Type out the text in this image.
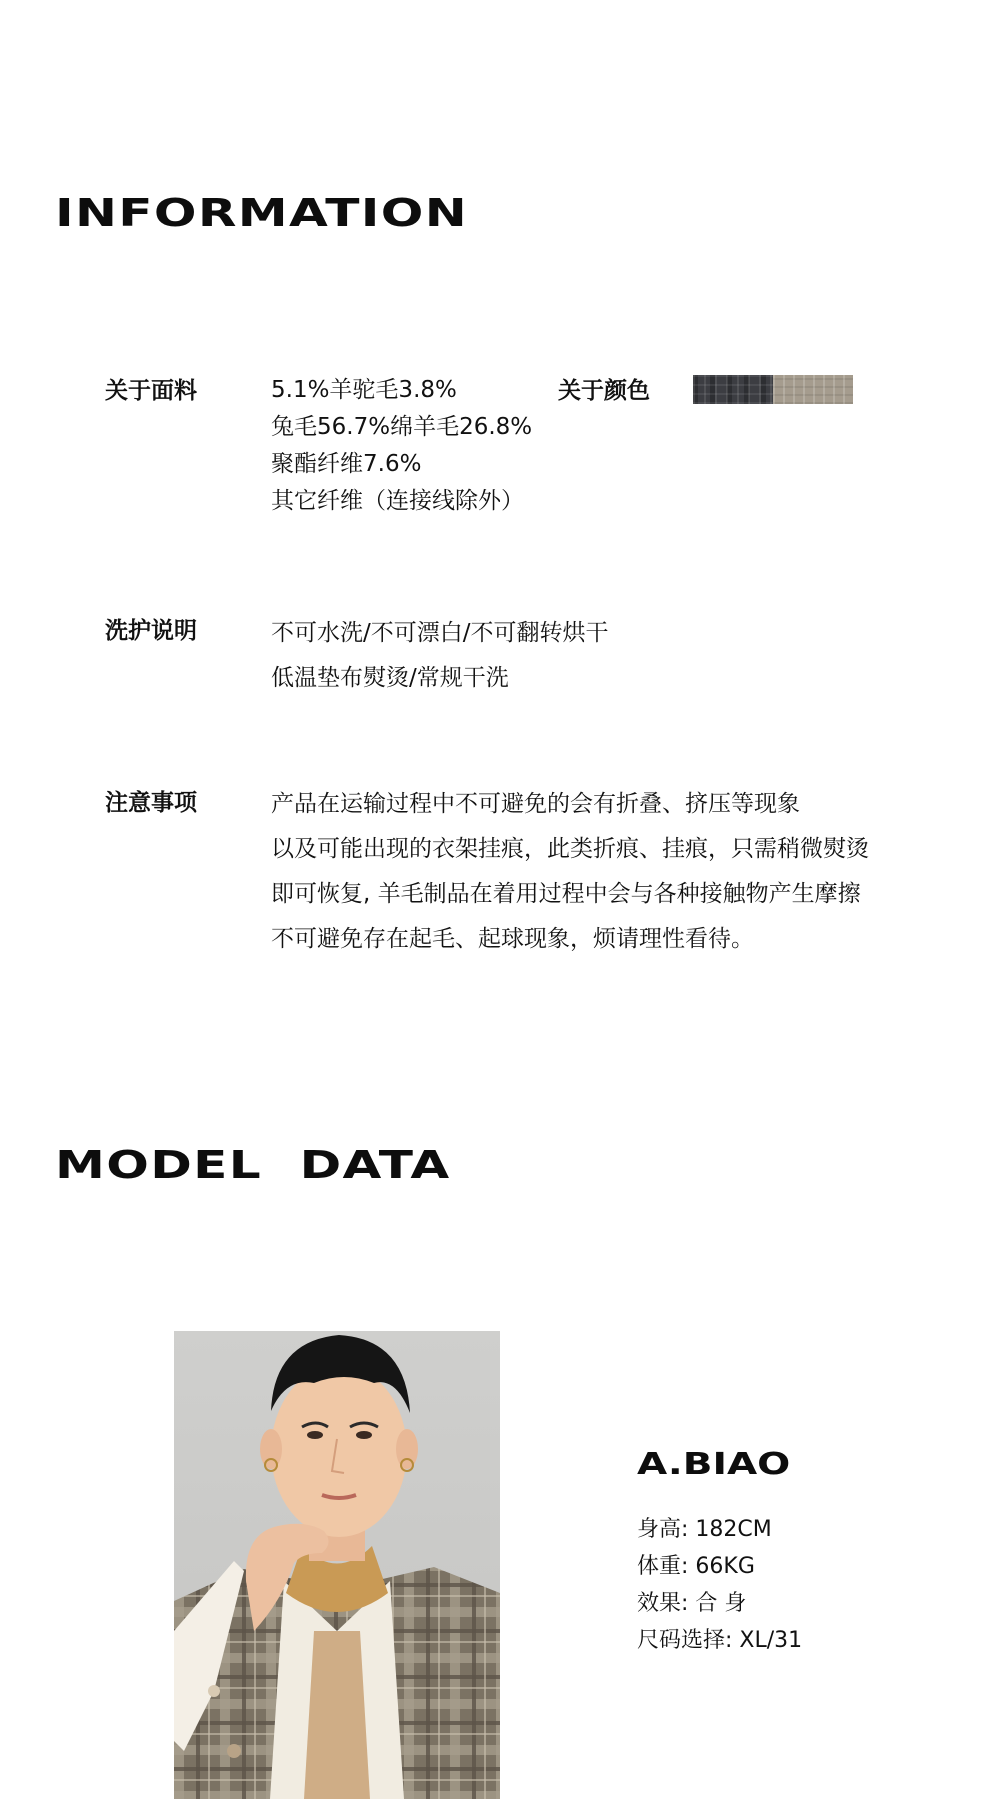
INFORMATION
关于面料	5.1%羊驼毛3.8%
兔毛56.7%绵羊毛26.8%
聚酯纤维7.6%
其它纤维（连接线除外）
关于颜色
洗护说明	不可水洗/不可漂白/不可翻转烘干
低温垫布熨烫/常规干洗
注意事项	产品在运输过程中不可避免的会有折叠、挤压等现象
以及可能出现的衣架挂痕，此类折痕、挂痕，只需稍微熨烫
即可恢复, 羊毛制品在着用过程中会与各种接触物产生摩擦
不可避免存在起毛、起球现象，烦请理性看待。
MODEL  DATA
A.BIAO
身高: 182CM
体重: 66KG
效果: 合 身
尺码选择: XL/31
